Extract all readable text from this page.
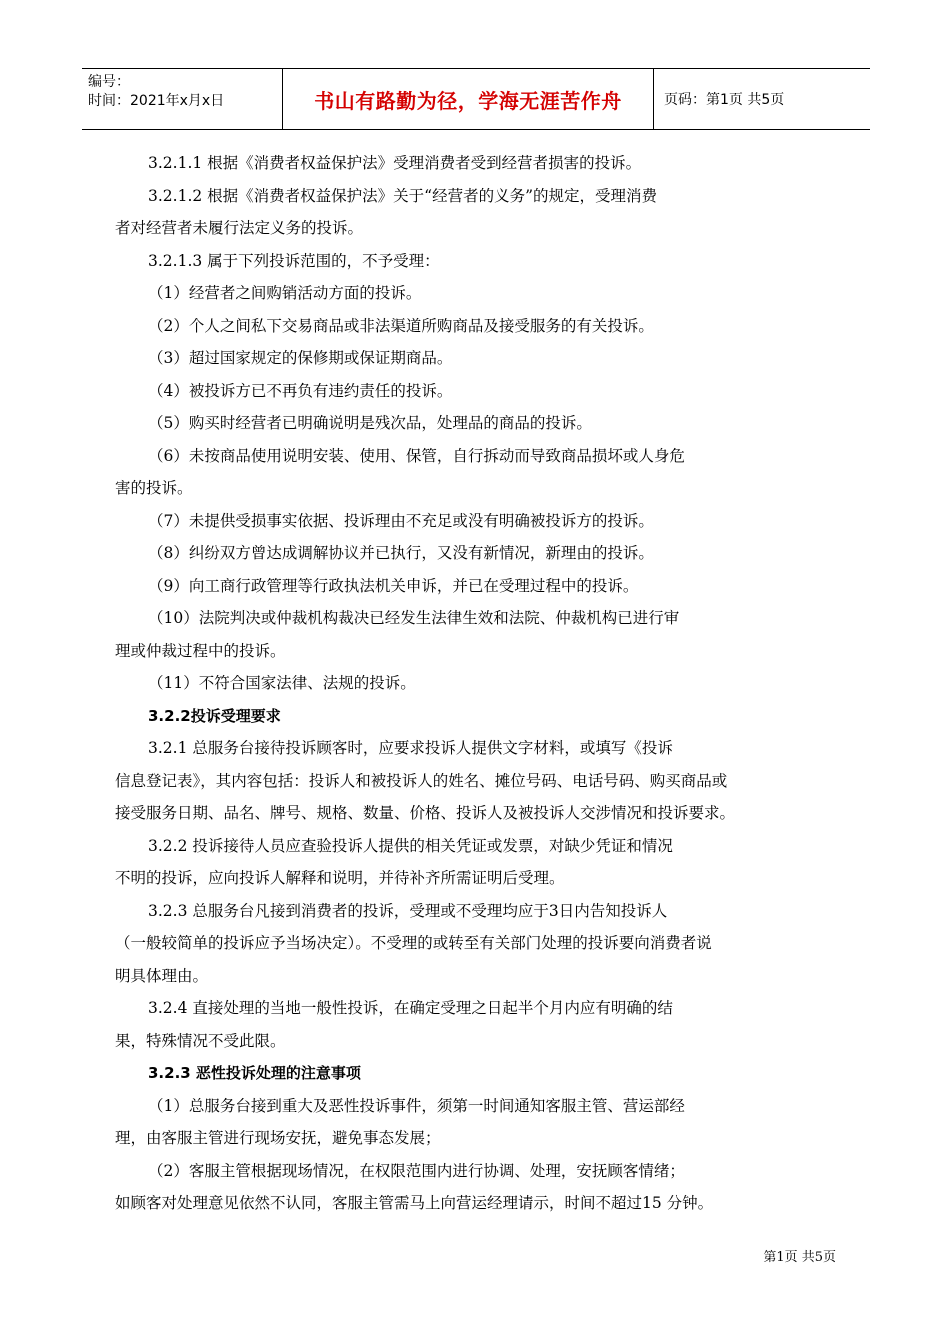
编号：
时间：2021年x月x日	书山有路勤为径，学海无涯苦作舟	页码：第1页 共5页

3.2.1.1 根据《消费者权益保护法》受理消费者受到经营者损害的投诉。

3.2.1.2 根据《消费者权益保护法》关于“经营者的义务”的规定，受理消费

者对经营者未履行法定义务的投诉。

3.2.1.3 属于下列投诉范围的，不予受理：

（1）经营者之间购销活动方面的投诉。

（2）个人之间私下交易商品或非法渠道所购商品及接受服务的有关投诉。

（3）超过国家规定的保修期或保证期商品。

（4）被投诉方已不再负有违约责任的投诉。

（5）购买时经营者已明确说明是残次品，处理品的商品的投诉。

（6）未按商品使用说明安装、使用、保管，自行拆动而导致商品损坏或人身危

害的投诉。

（7）未提供受损事实依据、投诉理由不充足或没有明确被投诉方的投诉。

（8）纠纷双方曾达成调解协议并已执行，又没有新情况，新理由的投诉。

（9）向工商行政管理等行政执法机关申诉，并已在受理过程中的投诉。

（10）法院判决或仲裁机构裁决已经发生法律生效和法院、仲裁机构已进行审

理或仲裁过程中的投诉。

（11）不符合国家法律、法规的投诉。

3.2.2投诉受理要求

3.2.1 总服务台接待投诉顾客时，应要求投诉人提供文字材料，或填写《投诉

信息登记表》，其内容包括：投诉人和被投诉人的姓名、摊位号码、电话号码、购买商品或

接受服务日期、品名、牌号、规格、数量、价格、投诉人及被投诉人交涉情况和投诉要求。

3.2.2 投诉接待人员应查验投诉人提供的相关凭证或发票，对缺少凭证和情况

不明的投诉，应向投诉人解释和说明，并待补齐所需证明后受理。

3.2.3 总服务台凡接到消费者的投诉，受理或不受理均应于3日内告知投诉人

（一般较简单的投诉应予当场决定）。不受理的或转至有关部门处理的投诉要向消费者说

明具体理由。

3.2.4 直接处理的当地一般性投诉，在确定受理之日起半个月内应有明确的结

果，特殊情况不受此限。

3.2.3 恶性投诉处理的注意事项

（1）总服务台接到重大及恶性投诉事件，须第一时间通知客服主管、营运部经

理，由客服主管进行现场安抚，避免事态发展；

（2）客服主管根据现场情况，在权限范围内进行协调、处理，安抚顾客情绪；

如顾客对处理意见依然不认同，客服主管需马上向营运经理请示，时间不超过15 分钟。

第1页 共5页
